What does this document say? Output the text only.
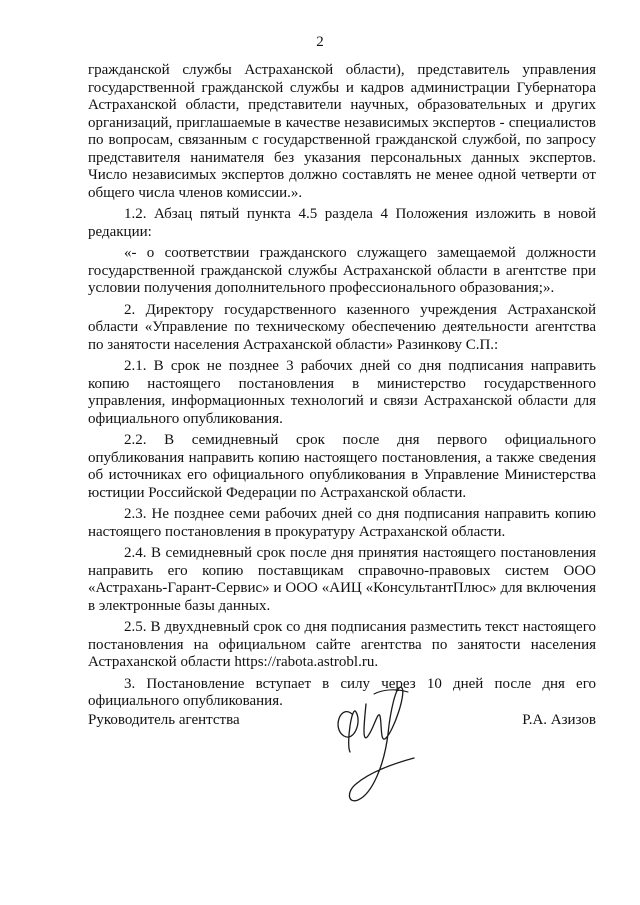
2

гражданской службы Астраханской области), представитель управления государственной гражданской службы и кадров администрации Губернатора Астраханской области, представители научных, образовательных и других организаций, приглашаемые в качестве независимых экспертов - специалистов по вопросам, связанным с государственной гражданской службой, по запросу представителя нанимателя без указания персональных данных экспертов. Число независимых экспертов должно составлять не менее одной четверти от общего числа членов комиссии.».

1.2. Абзац пятый пункта 4.5 раздела 4 Положения изложить в новой редакции:

«- о соответствии гражданского служащего замещаемой должности государственной гражданской службы Астраханской области в агентстве при условии получения дополнительного профессионального образования;».

2. Директору государственного казенного учреждения Астраханской области «Управление по техническому обеспечению деятельности агентства по занятости населения Астраханской области» Разинкову С.П.:

2.1. В срок не позднее 3 рабочих дней со дня подписания направить копию настоящего постановления в министерство государственного управления, информационных технологий и связи Астраханской области для официального опубликования.

2.2. В семидневный срок после дня первого официального опубликования направить копию настоящего постановления, а также сведения об источниках его официального опубликования в Управление Министерства юстиции Российской Федерации по Астраханской области.

2.3. Не позднее семи рабочих дней со дня подписания направить копию настоящего постановления в прокуратуру Астраханской области.

2.4. В семидневный срок после дня принятия настоящего постановления направить его копию поставщикам справочно-правовых систем ООО «Астрахань-Гарант-Сервис» и ООО «АИЦ «КонсультантПлюс» для включения в электронные базы данных.

2.5. В двухдневный срок со дня подписания разместить текст настоящего постановления на официальном сайте агентства по занятости населения Астраханской области https://rabota.astrobl.ru.

3. Постановление вступает в силу через 10 дней после дня его официального опубликования.

Руководитель агентства	Р.А. Азизов
